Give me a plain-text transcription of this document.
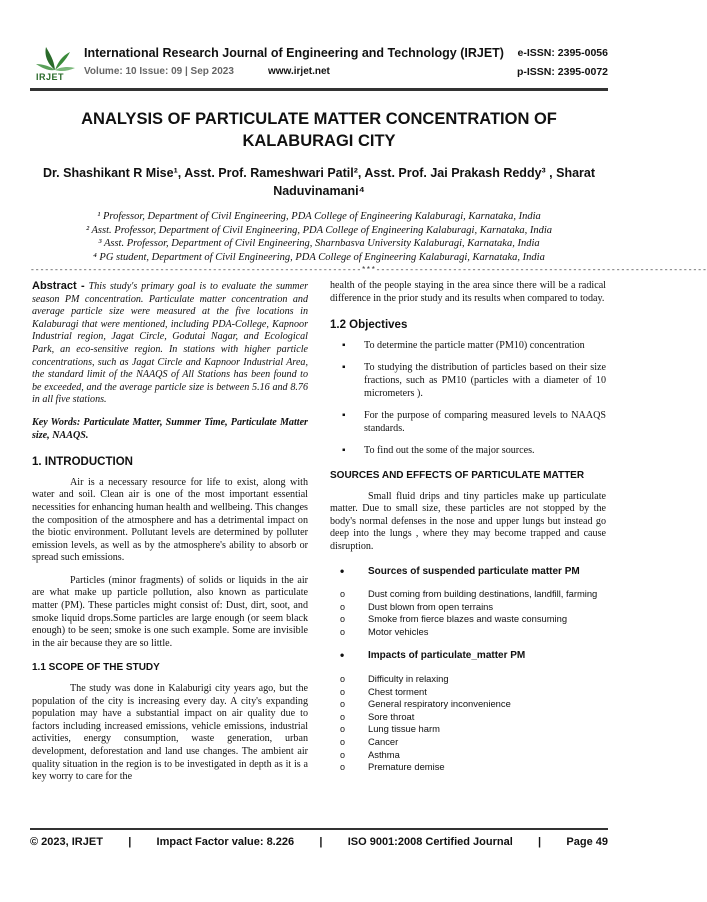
IRJET
International Research Journal of Engineering and Technology (IRJET) e-ISSN: 2395-0056
Volume: 10 Issue: 09 | Sep 2023	www.irjet.net	p-ISSN: 2395-0072
ANALYSIS OF PARTICULATE MATTER CONCENTRATION OF
KALABURAGI CITY
Dr. Shashikant R Mise¹, Asst. Prof. Rameshwari Patil², Asst. Prof. Jai Prakash Reddy³ , Sharat
Naduvinamani⁴
¹ Professor, Department of Civil Engineering, PDA College of Engineering Kalaburagi, Karnataka, India
² Asst. Professor, Department of Civil Engineering, PDA College of Engineering Kalaburagi, Karnataka, India
³ Asst. Professor, Department of Civil Engineering, Sharnbasva University Kalaburagi, Karnataka, India
⁴ PG student, Department of Civil Engineering, PDA College of Engineering Kalaburagi, Karnataka, India
---------------------------------------------------------------------***---------------------------------------------------------------------

Abstract - This study's primary goal is to evaluate the summer season PM concentration. Particulate matter concentration and average particle size were measured at the five locations in Kalaburagi that were mentioned, including PDA-College, Kapnoor Industrial region, Jagat Circle, Godutai Nagar, and Ecological Park, an eco-sensitive region. In stations with higher particle concentrations, such as Jagat Circle and Kapnoor Industrial Area, the standard limit of the NAAQS of All Stations has been found to be exceeded, and the average particle size is between 5.16 and 8.76 in all five stations.

Key Words: Particulate Matter, Summer Time, Particulate Matter size, NAAQS.

1. INTRODUCTION

Air is a necessary resource for life to exist, along with water and soil. Clean air is one of the most important essential necessities for enhancing human health and wellbeing. This changes the composition of the atmosphere and has a detrimental impact on the biotic environment. Pollutant levels are determined by polluter emission levels, as well as by the atmosphere's ability to absorb or spread such emissions.

Particles (minor fragments) of solids or liquids in the air are what make up particle pollution, also known as particulate matter (PM). These particles might consist of: Dust, dirt, soot, and smoke liquid drops.Some particles are large enough (or seem black enough) to be seen; smoke is one such example. Some are invisible in the air because they are so little.

1.1 SCOPE OF THE STUDY

The study was done in Kalaburigi city years ago, but the population of the city is increasing every day. A city's expanding population may have a substantial impact on air quality due to factors including increased emissions, vehicle emissions, industrial activities, energy consumption, waste generation, urban development, deforestation and land use changes. The ambient air quality situation in the region is to be investigated in depth as it is a key worry to care for the

health of the people staying in the area since there will be a radical difference in the prior study and its results when compared to today.

1.2 Objectives
▪ To determine the particle matter (PM10) concentration
▪ To studying the distribution of particles based on their size fractions, such as PM10 (particles with a diameter of 10 micrometers ).
▪ For the purpose of comparing measured levels to NAAQS standards.
▪ To find out the some of the major sources.
SOURCES AND EFFECTS OF PARTICULATE MATTER

Small fluid drips and tiny particles make up particulate matter. Due to small size, these particles are not stopped by the body's normal defenses in the nose and upper lungs but instead go deep into the lungs , where they may become trapped and cause disruption.

• Sources of suspended particulate matter PM
o Dust coming from building destinations, landfill, farming
o Dust blown from open terrains
o Smoke from fierce blazes and waste consuming
o Motor vehicles
• Impacts of particulate_matter PM
o Difficulty in relaxing
o Chest torment
o General respiratory inconvenience
o Sore throat
o Lung tissue harm
o Cancer
o Asthma
o Premature demise
© 2023, IRJET | Impact Factor value: 8.226 | ISO 9001:2008 Certified Journal | Page 49
